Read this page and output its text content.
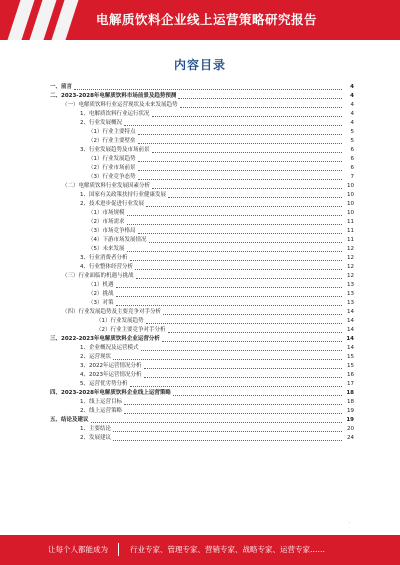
电解质饮料企业线上运营策略研究报告
内容目录
一、前言	4
二、2023-2028年电解质饮料市场前景及趋势预测	4
（一）电解质饮料行业运营现状及未来发展趋势	4
1、电解质饮料行业运行状况	4
2、行业发展概况	4
（1）行业主要特点	5
（2）行业主要壁垒	5
3、行业发展趋势及市场前景	6
（1）行业发展趋势	6
（2）行业市场前景	6
（3）行业竞争态势	7
（二）电解质饮料行业发展因素分析	10
1、国家有关政策扶持行业健康发展	10
2、技术进步促进行业发展	10
（1）市场规模	10
（2）市场需求	11
（3）市场竞争格局	11
（4）下游市场发展情况	11
（5）未来发展	12
3、行业消费者分析	12
4、行业整体经营分析	12
（三）行业面临的机遇与挑战	12
（1）机遇	13
（2）挑战	13
（3）对策	13
（四）行业发展趋势及主要竞争对手分析	14
（1）行业发展趋势	14
（2）行业主要竞争对手分析	14
三、2022-2023年电解质饮料企业运营分析	14
1、企业概况及运营模式	14
2、运营现状	15
3、2022年运营情况分析	15
4、2023年运营情况分析	16
5、运营优劣势分析	17
四、2023-2028年电解质饮料企业线上运营策略	18
1、线上运营目标	18
2、线上运营策略	19
五、结论及建议	19
1、主要结论	20
2、发展建议	24
·
让每个人都能成为	行业专家、管理专家、营销专家、战略专家、运营专家……
